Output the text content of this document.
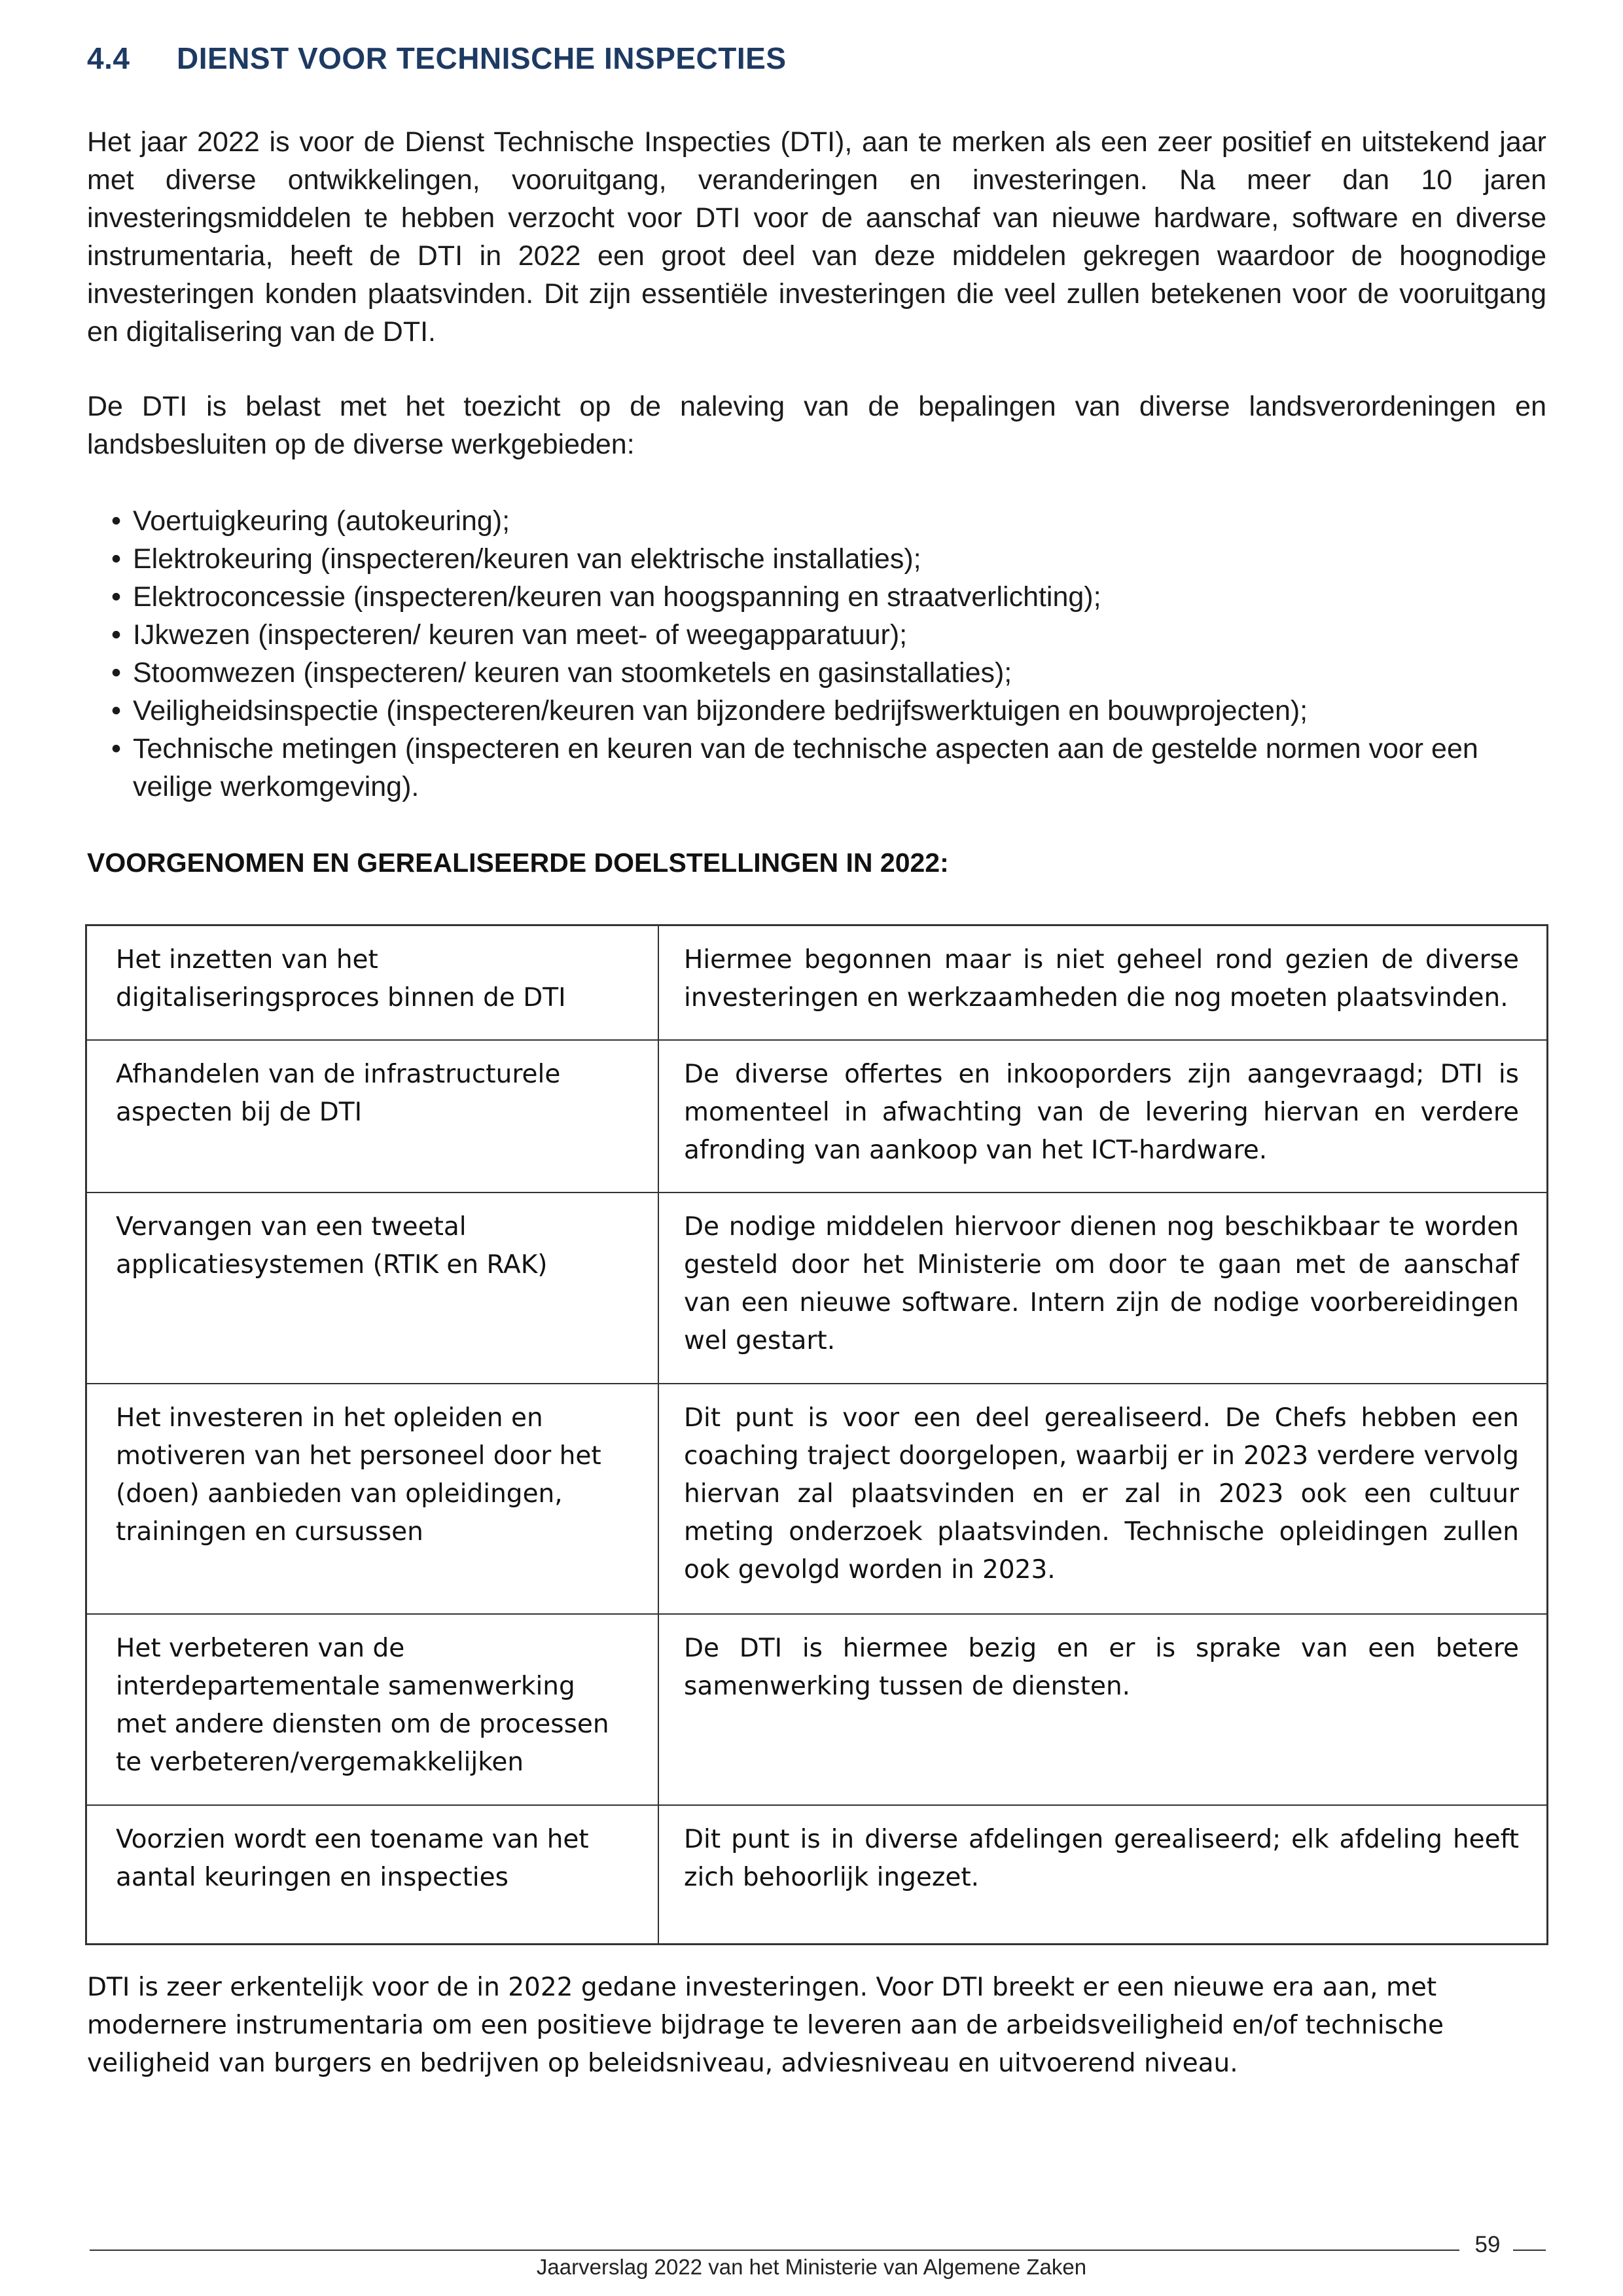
4.4 DIENST VOOR TECHNISCHE INSPECTIES

Het jaar 2022 is voor de Dienst Technische Inspecties (DTI), aan te merken als een zeer positief en uitstekend jaar met diverse ontwikkelingen, vooruitgang, veranderingen en investeringen. Na meer dan 10 jaren investeringsmiddelen te hebben verzocht voor DTI voor de aanschaf van nieuwe hardware, software en diverse instrumentaria, heeft de DTI in 2022 een groot deel van deze middelen gekregen waardoor de hoognodige investeringen konden plaatsvinden. Dit zijn essentiële investeringen die veel zullen betekenen voor de vooruitgang en digitalisering van de DTI.

De DTI is belast met het toezicht op de naleving van de bepalingen van diverse landsverordeningen en landsbesluiten op de diverse werkgebieden:

• Voertuigkeuring (autokeuring);
• Elektrokeuring (inspecteren/keuren van elektrische installaties);
• Elektroconcessie (inspecteren/keuren van hoogspanning en straatverlichting);
• IJkwezen (inspecteren/ keuren van meet- of weegapparatuur);
• Stoomwezen (inspecteren/ keuren van stoomketels en gasinstallaties);
• Veiligheidsinspectie (inspecteren/keuren van bijzondere bedrijfswerktuigen en bouwprojecten);
• Technische metingen (inspecteren en keuren van de technische aspecten aan de gestelde normen voor een veilige werkomgeving).
VOORGENOMEN EN GEREALISEERDE DOELSTELLINGEN IN 2022:
Het inzetten van het digitaliseringsproces binnen de DTI	Hiermee begonnen maar is niet geheel rond gezien de diverse investeringen en werkzaamheden die nog moeten plaatsvinden.
Afhandelen van de infrastructurele aspecten bij de DTI	De diverse offertes en inkooporders zijn aangevraagd; DTI is momenteel in afwachting van de levering hiervan en verdere afronding van aankoop van het ICT-hardware.
Vervangen van een tweetal applicatiesystemen (RTIK en RAK)	De nodige middelen hiervoor dienen nog beschikbaar te worden gesteld door het Ministerie om door te gaan met de aanschaf van een nieuwe software. Intern zijn de nodige voorbereidingen wel gestart.
Het investeren in het opleiden en motiveren van het personeel door het (doen) aanbieden van opleidingen, trainingen en cursussen	Dit punt is voor een deel gerealiseerd. De Chefs hebben een coaching traject doorgelopen, waarbij er in 2023 verdere vervolg hiervan zal plaatsvinden en er zal in 2023 ook een cultuur meting onderzoek plaatsvinden. Technische opleidingen zullen ook gevolgd worden in 2023.
Het verbeteren van de interdepartementale samenwerking met andere diensten om de processen te verbeteren/vergemakkelijken	De DTI is hiermee bezig en er is sprake van een betere samenwerking tussen de diensten.
Voorzien wordt een toename van het aantal keuringen en inspecties	Dit punt is in diverse afdelingen gerealiseerd; elk afdeling heeft zich behoorlijk ingezet.

DTI is zeer erkentelijk voor de in 2022 gedane investeringen. Voor DTI breekt er een nieuwe era aan, met modernere instrumentaria om een positieve bijdrage te leveren aan de arbeidsveiligheid en/of technische veiligheid van burgers en bedrijven op beleidsniveau, adviesniveau en uitvoerend niveau.

59
Jaarverslag 2022 van het Ministerie van Algemene Zaken
